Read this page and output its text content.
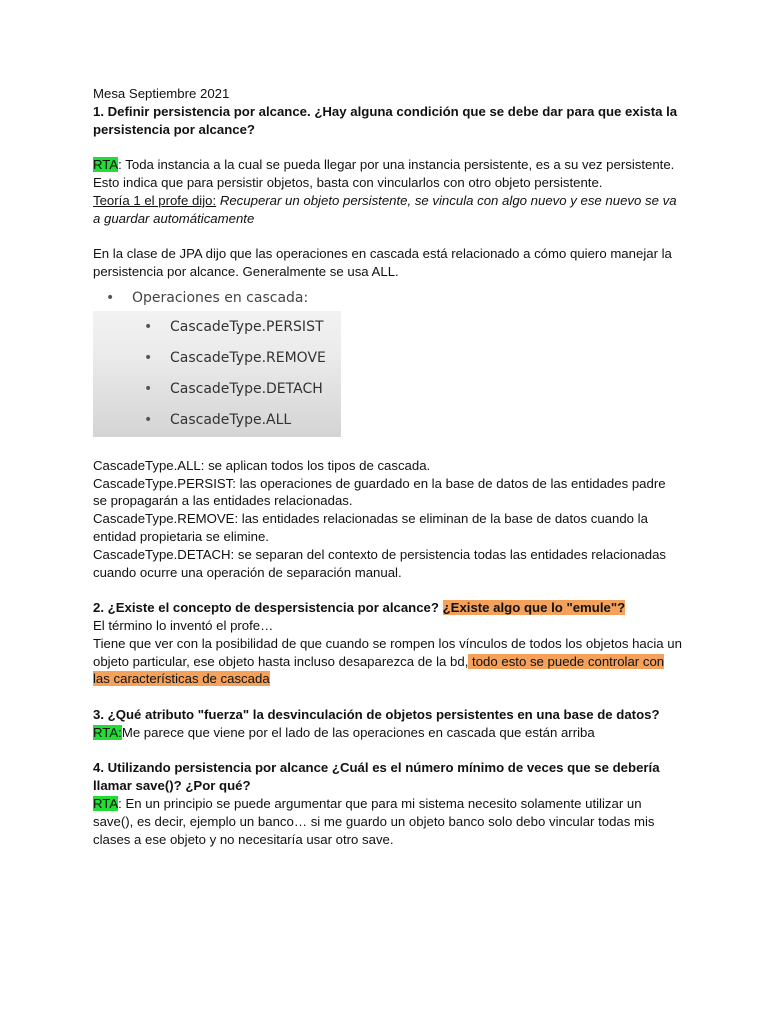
Mesa Septiembre 2021

1. Definir persistencia por alcance. ¿Hay alguna condición que se debe dar para que exista la persistencia por alcance?

RTA: Toda instancia a la cual se pueda llegar por una instancia persistente, es a su vez persistente. Esto indica que para persistir objetos, basta con vincularlos con otro objeto persistente.

Teoría 1 el profe dijo: Recuperar un objeto persistente, se vincula con algo nuevo y ese nuevo se va a guardar automáticamente

En la clase de JPA dijo que las operaciones en cascada está relacionado a cómo quiero manejar la persistencia por alcance. Generalmente se usa ALL.

• Operaciones en cascada:
• CascadeType.PERSIST
• CascadeType.REMOVE
• CascadeType.DETACH
• CascadeType.ALL

CascadeType.ALL: se aplican todos los tipos de cascada.

CascadeType.PERSIST: las operaciones de guardado en la base de datos de las entidades padre se propagarán a las entidades relacionadas.

CascadeType.REMOVE: las entidades relacionadas se eliminan de la base de datos cuando la entidad propietaria se elimine.

CascadeType.DETACH: se separan del contexto de persistencia todas las entidades relacionadas cuando ocurre una operación de separación manual.

2. ¿Existe el concepto de despersistencia por alcance? ¿Existe algo que lo "emule"?

El término lo inventó el profe…

Tiene que ver con la posibilidad de que cuando se rompen los vínculos de todos los objetos hacia un objeto particular, ese objeto hasta incluso desaparezca de la bd, todo esto se puede controlar con las características de cascada

3. ¿Qué atributo "fuerza" la desvinculación de objetos persistentes en una base de datos?

RTA:Me parece que viene por el lado de las operaciones en cascada que están arriba

4. Utilizando persistencia por alcance ¿Cuál es el número mínimo de veces que se debería llamar save()? ¿Por qué?

RTA: En un principio se puede argumentar que para mi sistema necesito solamente utilizar un save(), es decir, ejemplo un banco… si me guardo un objeto banco solo debo vincular todas mis clases a ese objeto y no necesitaría usar otro save.
